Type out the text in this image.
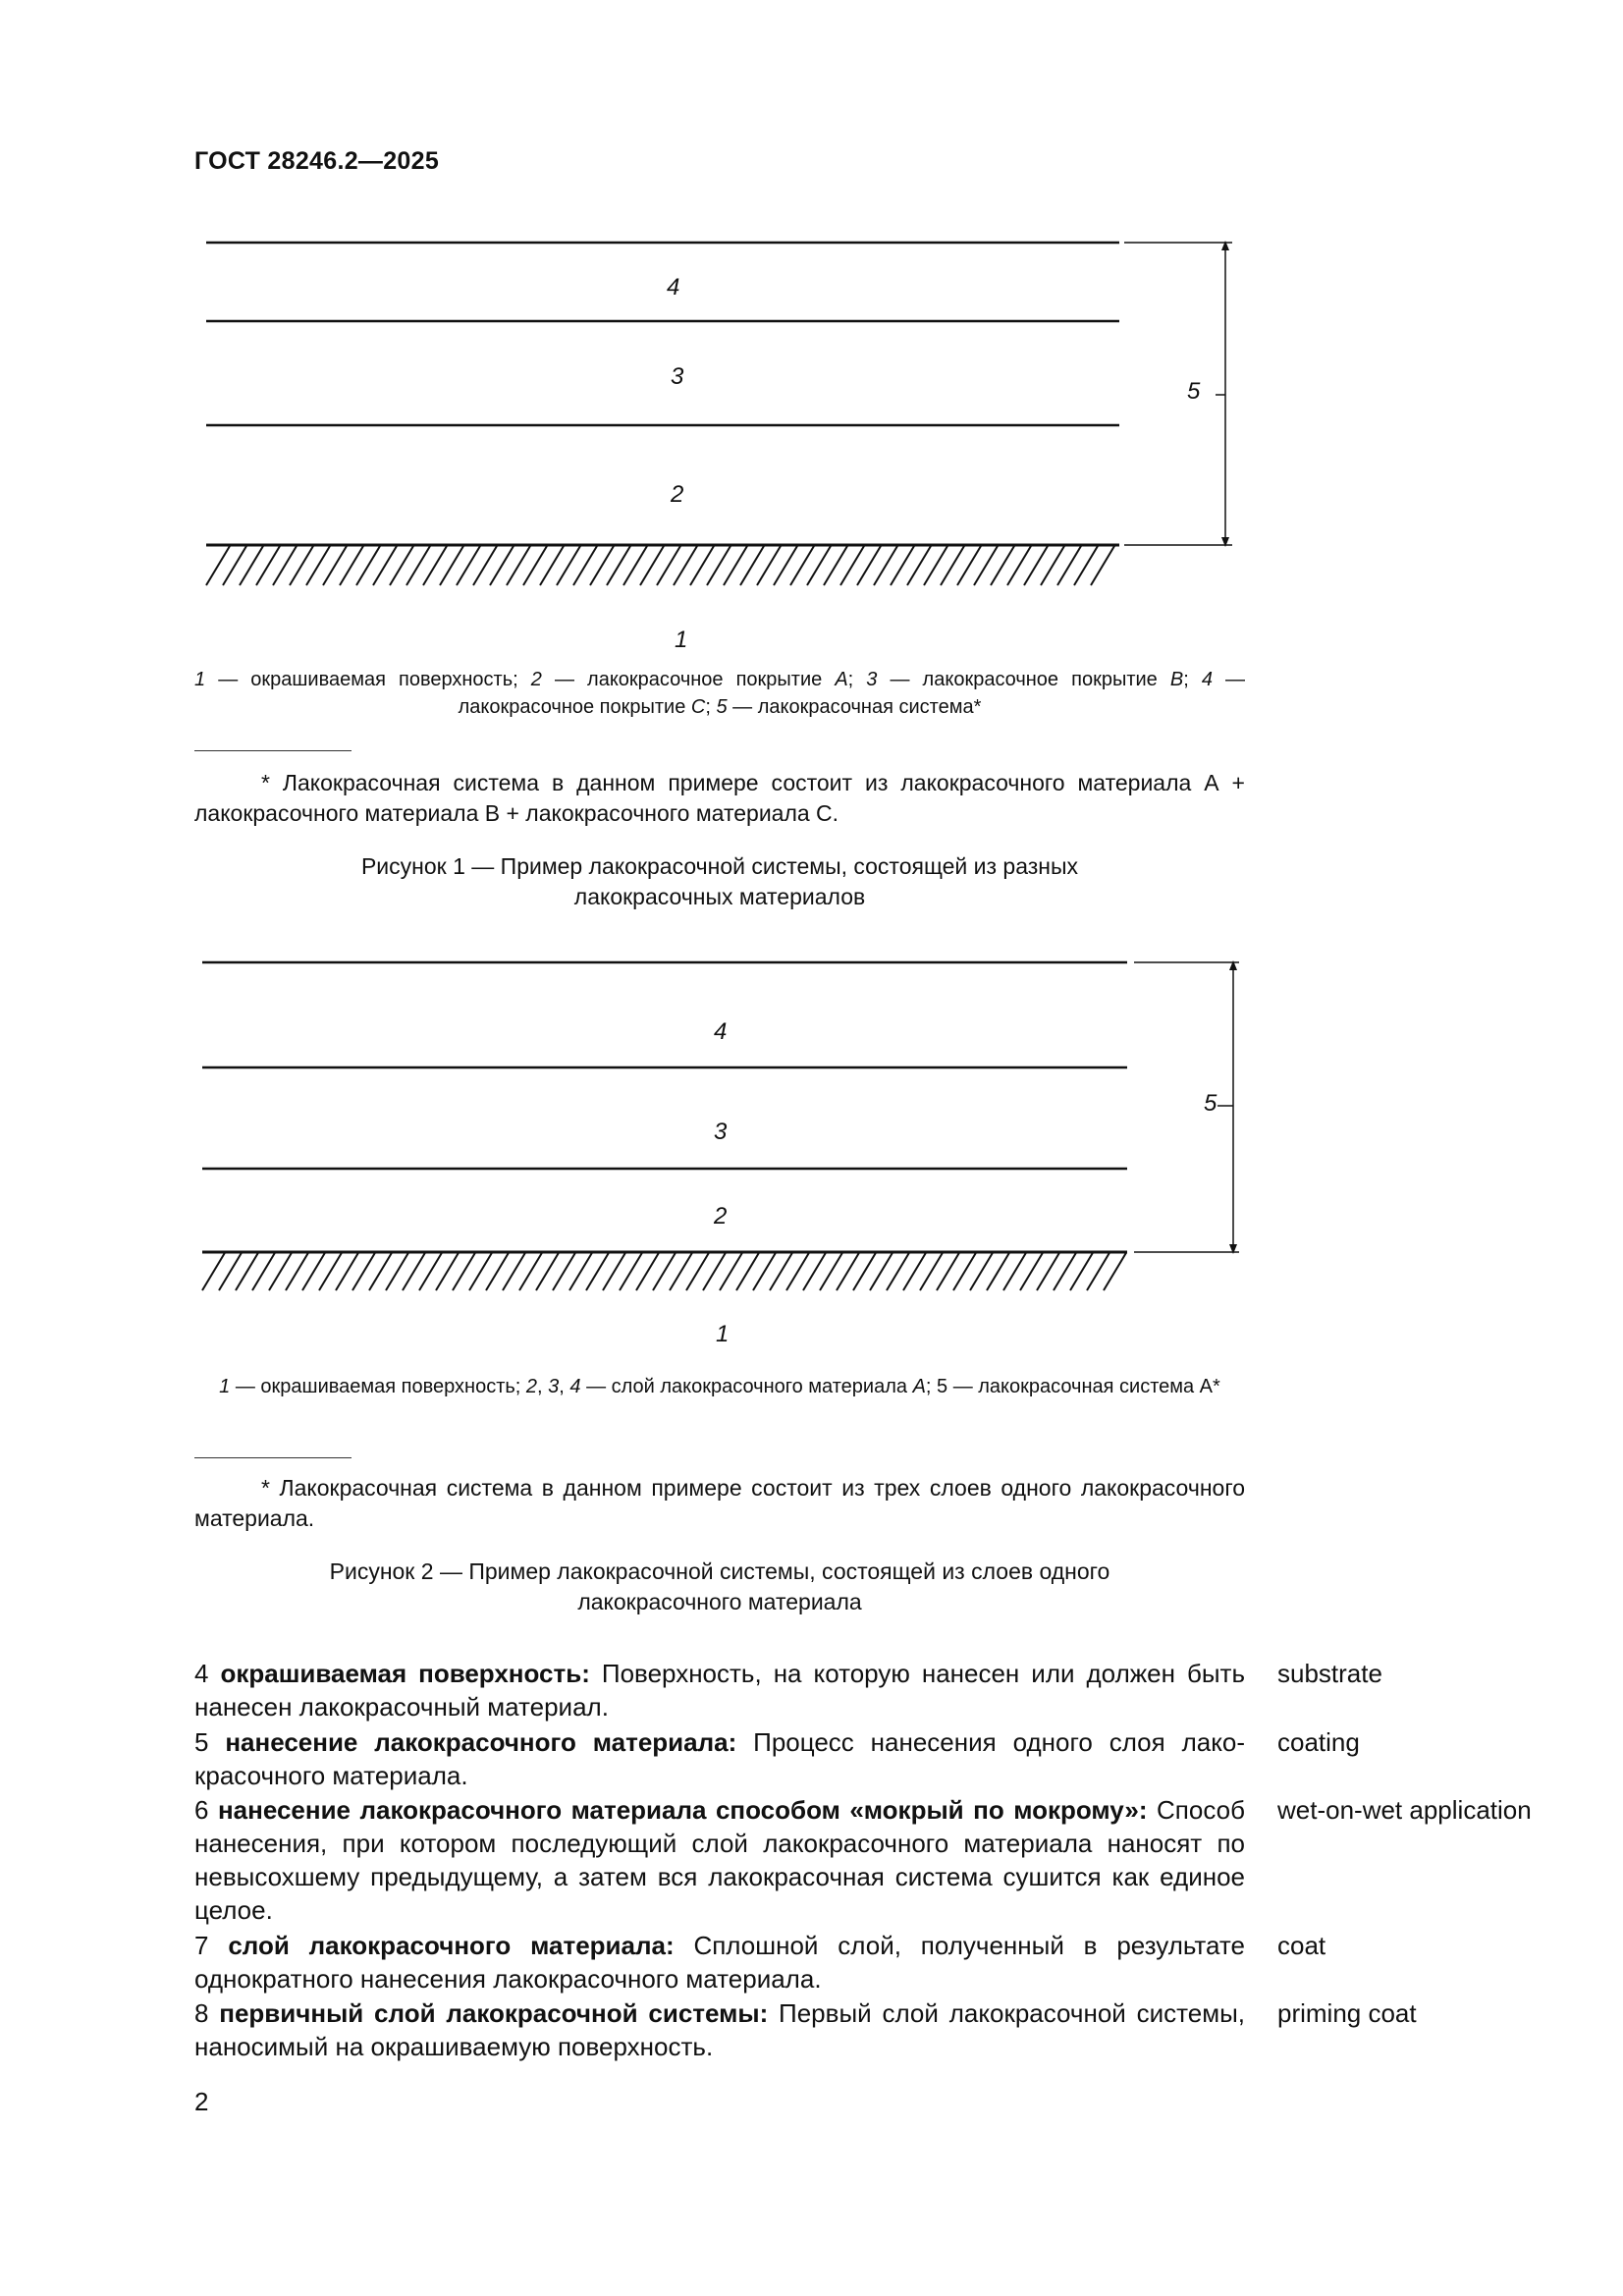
ГОСТ 28246.2—2025
4
3
2
1
5
1 — окрашиваемая поверхность; 2 — лакокрасочное покрытие A; 3 — лакокрасочное покрытие B; 4 — лакокрасочное покрытие C; 5 — лакокрасочная система*
* Лакокрасочная система в данном примере состоит из лакокрасочного материала А + лакокрасочного материала В + лакокрасочного материала С.
Рисунок 1 — Пример лакокрасочной системы, состоящей из разных
лакокрасочных материалов
4
3
2
1
5
1 — окрашиваемая поверхность; 2, 3, 4 — слой лакокрасочного материала A; 5 — лакокрасочная система А*
* Лакокрасочная система в данном примере состоит из трех слоев одного лакокрасочного материала.
Рисунок 2 — Пример лакокрасочной системы, состоящей из слоев одного
лакокрасочного материала
4 окрашиваемая поверхность: Поверхность, на которую нанесен или должен быть нанесен лакокрасочный материал.
substrate
5 нанесение лакокрасочного материала: Процесс нанесения одного слоя лакокрасочного материала.
coating
6 нанесение лакокрасочного материала способом «мокрый по мокрому»: Способ нанесения, при котором последующий слой лакокрасочного материала наносят по невысохшему предыдущему, а затем вся лакокрасочная система сушится как единое целое.
wet-on-wet application
7 слой лакокрасочного материала: Сплошной слой, полученный в результате однократного нанесения лакокрасочного материала.
coat
8 первичный слой лакокрасочной системы: Первый слой лакокрасочной системы, наносимый на окрашиваемую поверхность.
priming coat
2
